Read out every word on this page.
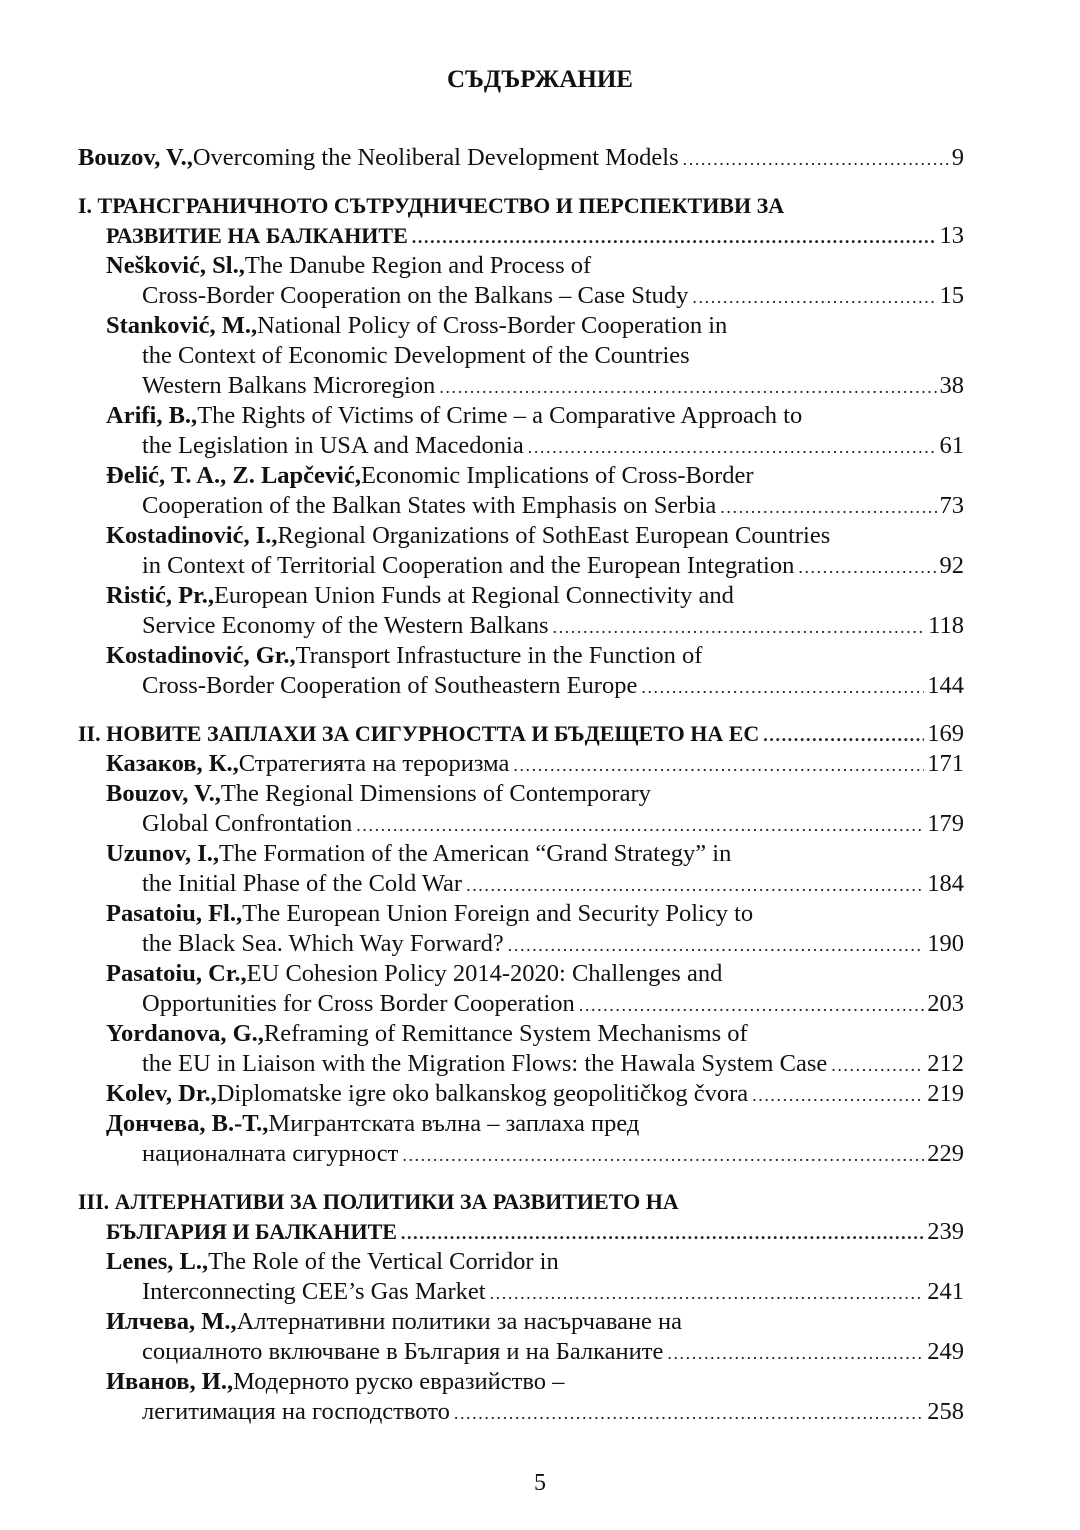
СЪДЪРЖАНИЕ
Bouzov, V., Overcoming the Neoliberal Development Models .....	9
I. ТРАНСГРАНИЧНОТО СЪТРУДНИЧЕСТВО И ПЕРСПЕКТИВИ ЗА
РАЗВИТИЕ НА БАЛКАНИТЕ .....	13
Nešković, Sl., The Danube Region and Process of
Cross-Border Cooperation on the Balkans – Case Study .....	15
Stanković, M., National Policy of Cross-Border Cooperation in
the Context of Economic Development of the Countries
Western Balkans Microregion .....	38
Arifi, B., The Rights of Victims of Crime – a Comparative Approach to
the Legislation in USA and Macedonia .....	61
Đelić, T. A., Z. Lapčević, Economic Implications of Cross-Border
Cooperation of the Balkan States with Emphasis on Serbia .....	73
Kostadinović, I., Regional Organizations of SothEast European Countries
in Context of Territorial Cooperation and the European Integration .....	92
Ristić, Pr., European Union Funds at Regional Connectivity and
Service Economy of the Western Balkans .....	118
Kostadinović, Gr., Transport Infrastucture in the Function of
Cross-Border Cooperation of Southeastern Europe .....	144
II. НОВИТЕ ЗАПЛАХИ ЗА СИГУРНОСТТА И БЪДЕЩЕТО НА ЕС .....	169
Казаков, К., Стратегията на тероризма .....	171
Bouzov, V., The Regional Dimensions of Contemporary
Global Confrontation .....	179
Uzunov, I., The Formation of the American “Grand Strategy” in
the Initial Phase of the Cold War .....	184
Pasatoiu, Fl., The European Union Foreign and Security Policy to
the Black Sea. Which Way Forward? .....	190
Pasatoiu, Cr., EU Cohesion Policy 2014-2020: Challenges and
Opportunities for Cross Border Cooperation .....	203
Yordanova, G., Reframing of Remittance System Mechanisms of
the EU in Liaison with the Migration Flows: the Hawala System Case .....	212
Kolev, Dr., Diplomatske igre oko balkanskog geopolitičkog čvora .....	219
Дончева, В.-Т., Мигрантската вълна – заплаха пред
националната сигурност .....	229
III. АЛТЕРНАТИВИ ЗА ПОЛИТИКИ ЗА РАЗВИТИЕТО НА
БЪЛГАРИЯ И БАЛКАНИТЕ .....	239
Lenes, L., The Role of the Vertical Corridor in
Interconnecting CEE’s Gas Market .....	241
Илчева, М., Алтернативни политики за насърчаване на
социалното включване в България и на Балканите .....	249
Иванов, И., Модерното руско евразийство –
легитимация на господството .....	258
5
